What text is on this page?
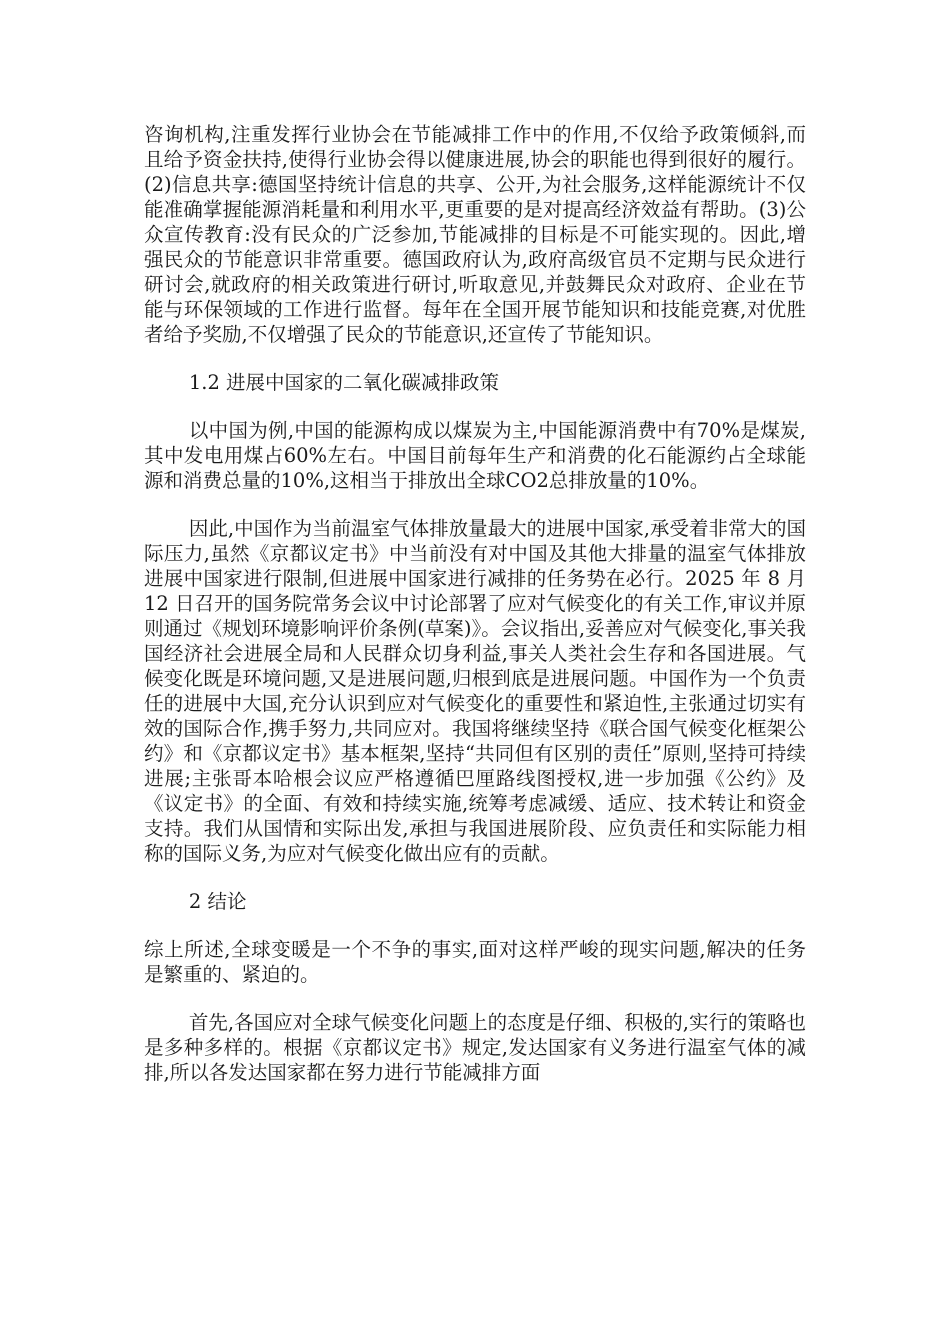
咨询机构,注重发挥行业协会在节能减排工作中的作用,不仅给予政策倾斜,而且给予资金扶持,使得行业协会得以健康进展,协会的职能也得到很好的履行。(2)信息共享:德国坚持统计信息的共享、公开,为社会服务,这样能源统计不仅能准确掌握能源消耗量和利用水平,更重要的是对提高经济效益有帮助。(3)公众宣传教育:没有民众的广泛参加,节能减排的目标是不可能实现的。因此,增强民众的节能意识非常重要。德国政府认为,政府高级官员不定期与民众进行研讨会,就政府的相关政策进行研讨,听取意见,并鼓舞民众对政府、企业在节能与环保领域的工作进行监督。每年在全国开展节能知识和技能竞赛,对优胜者给予奖励,不仅增强了民众的节能意识,还宣传了节能知识。

1.2 进展中国家的二氧化碳减排政策

以中国为例,中国的能源构成以煤炭为主,中国能源消费中有70%是煤炭,其中发电用煤占60%左右。中国目前每年生产和消费的化石能源约占全球能源和消费总量的10%,这相当于排放出全球CO2总排放量的10%。

因此,中国作为当前温室气体排放量最大的进展中国家,承受着非常大的国际压力,虽然《京都议定书》中当前没有对中国及其他大排量的温室气体排放进展中国家进行限制,但进展中国家进行减排的任务势在必行。2025 年 8 月 12 日召开的国务院常务会议中讨论部署了应对气候变化的有关工作,审议并原则通过《规划环境影响评价条例(草案)》。会议指出,妥善应对气候变化,事关我国经济社会进展全局和人民群众切身利益,事关人类社会生存和各国进展。气候变化既是环境问题,又是进展问题,归根到底是进展问题。中国作为一个负责任的进展中大国,充分认识到应对气候变化的重要性和紧迫性,主张通过切实有效的国际合作,携手努力,共同应对。我国将继续坚持《联合国气候变化框架公约》和《京都议定书》基本框架,坚持“共同但有区别的责任”原则,坚持可持续进展;主张哥本哈根会议应严格遵循巴厘路线图授权,进一步加强《公约》及《议定书》的全面、有效和持续实施,统筹考虑减缓、适应、技术转让和资金支持。我们从国情和实际出发,承担与我国进展阶段、应负责任和实际能力相称的国际义务,为应对气候变化做出应有的贡献。

2 结论

综上所述,全球变暖是一个不争的事实,面对这样严峻的现实问题,解决的任务是繁重的、紧迫的。

首先,各国应对全球气候变化问题上的态度是仔细、积极的,实行的策略也是多种多样的。根据《京都议定书》规定,发达国家有义务进行温室气体的减排,所以各发达国家都在努力进行节能减排方面
